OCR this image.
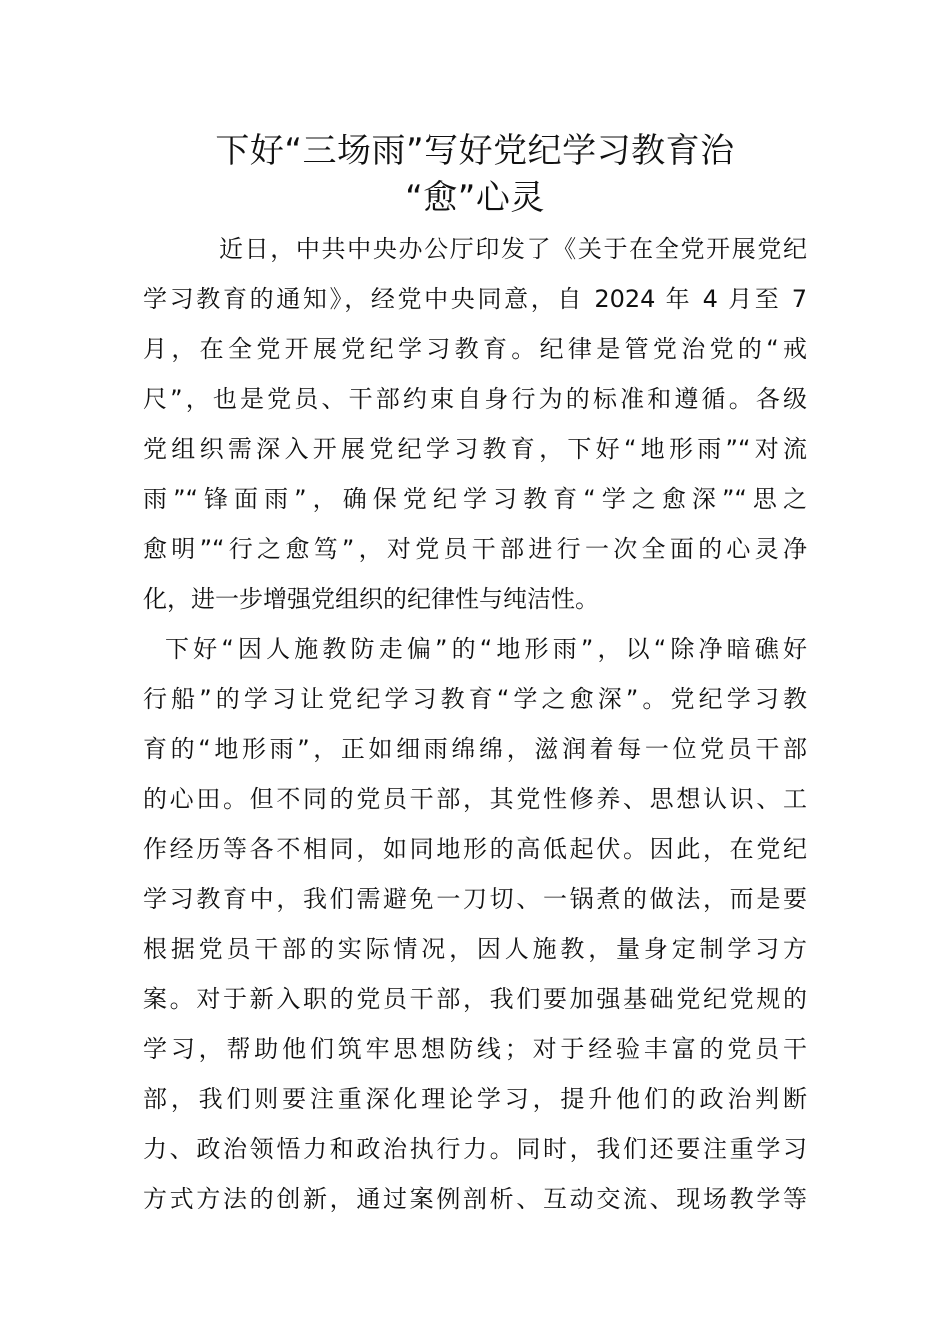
下好“三场雨”写好党纪学习教育治
“愈”心灵
近日，中共中央办公厅印发了《关于在全党开展党纪
学习教育的通知》，经党中央同意，自 2024 年 4 月至 7
月，在全党开展党纪学习教育。纪律是管党治党的“戒
尺”，也是党员、干部约束自身行为的标准和遵循。各级
党组织需深入开展党纪学习教育，下好“地形雨”“对流
雨”“锋面雨”，确保党纪学习教育“学之愈深”“思之
愈明”“行之愈笃”，对党员干部进行一次全面的心灵净
化，进一步增强党组织的纪律性与纯洁性。
下好“因人施教防走偏”的“地形雨”，以“除净暗礁好
行船”的学习让党纪学习教育“学之愈深”。党纪学习教
育的“地形雨”，正如细雨绵绵，滋润着每一位党员干部
的心田。但不同的党员干部，其党性修养、思想认识、工
作经历等各不相同，如同地形的高低起伏。因此，在党纪
学习教育中，我们需避免一刀切、一锅煮的做法，而是要
根据党员干部的实际情况，因人施教，量身定制学习方
案。对于新入职的党员干部，我们要加强基础党纪党规的
学习，帮助他们筑牢思想防线；对于经验丰富的党员干
部，我们则要注重深化理论学习，提升他们的政治判断
力、政治领悟力和政治执行力。同时，我们还要注重学习
方式方法的创新，通过案例剖析、互动交流、现场教学等
